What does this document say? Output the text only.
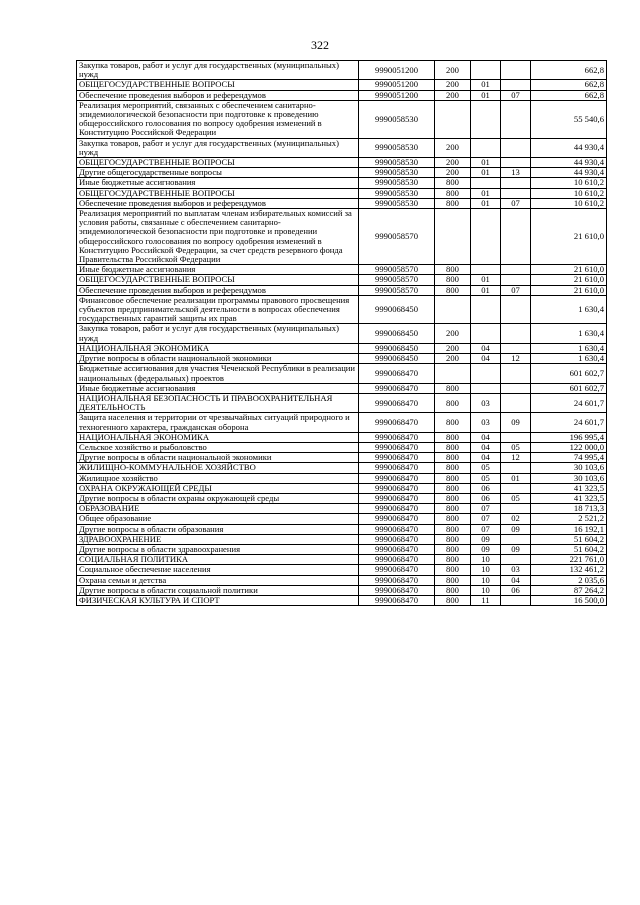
322
Закупка товаров, работ и услуг для государственных (муниципальных) нужд	9990051200	200			662,8
ОБЩЕГОСУДАРСТВЕННЫЕ ВОПРОСЫ	9990051200	200	01		662,8
Обеспечение проведения выборов и референдумов	9990051200	200	01	07	662,8
Реализация мероприятий, связанных с обеспечением санитарно-эпидемиологической безопасности при подготовке к проведению общероссийского голосования по вопросу одобрения изменений в Конституцию Российской Федерации	9990058530				55 540,6
Закупка товаров, работ и услуг для государственных (муниципальных) нужд	9990058530	200			44 930,4
ОБЩЕГОСУДАРСТВЕННЫЕ ВОПРОСЫ	9990058530	200	01		44 930,4
Другие общегосударственные вопросы	9990058530	200	01	13	44 930,4
Иные бюджетные ассигнования	9990058530	800			10 610,2
ОБЩЕГОСУДАРСТВЕННЫЕ ВОПРОСЫ	9990058530	800	01		10 610,2
Обеспечение проведения выборов и референдумов	9990058530	800	01	07	10 610,2
Реализация мероприятий по выплатам членам избирательных комиссий за условия работы, связанные с обеспечением санитарно-эпидемиологической безопасности при подготовке и проведении общероссийского голосования по вопросу одобрения изменений в Конституцию Российской Федерации, за счет средств резервного фонда Правительства Российской Федерации	9990058570				21 610,0
Иные бюджетные ассигнования	9990058570	800			21 610,0
ОБЩЕГОСУДАРСТВЕННЫЕ ВОПРОСЫ	9990058570	800	01		21 610,0
Обеспечение проведения выборов и референдумов	9990058570	800	01	07	21 610,0
Финансовое обеспечение реализации программы правового просвещения субъектов предпринимательской деятельности в вопросах обеспечения государственных гарантий защиты их прав	9990068450				1 630,4
Закупка товаров, работ и услуг для государственных (муниципальных) нужд	9990068450	200			1 630,4
НАЦИОНАЛЬНАЯ ЭКОНОМИКА	9990068450	200	04		1 630,4
Другие вопросы в области национальной экономики	9990068450	200	04	12	1 630,4
Бюджетные ассигнования для участия Чеченской Республики в реализации национальных (федеральных) проектов	9990068470				601 602,7
Иные бюджетные ассигнования	9990068470	800			601 602,7
НАЦИОНАЛЬНАЯ БЕЗОПАСНОСТЬ И ПРАВООХРАНИТЕЛЬНАЯ ДЕЯТЕЛЬНОСТЬ	9990068470	800	03		24 601,7
Защита населения и территории от чрезвычайных ситуаций природного и техногенного характера, гражданская оборона	9990068470	800	03	09	24 601,7
НАЦИОНАЛЬНАЯ ЭКОНОМИКА	9990068470	800	04		196 995,4
Сельское хозяйство и рыболовство	9990068470	800	04	05	122 000,0
Другие вопросы в области национальной экономики	9990068470	800	04	12	74 995,4
ЖИЛИЩНО-КОММУНАЛЬНОЕ ХОЗЯЙСТВО	9990068470	800	05		30 103,6
Жилищное хозяйство	9990068470	800	05	01	30 103,6
ОХРАНА ОКРУЖАЮЩЕЙ СРЕДЫ	9990068470	800	06		41 323,5
Другие вопросы в области охраны окружающей среды	9990068470	800	06	05	41 323,5
ОБРАЗОВАНИЕ	9990068470	800	07		18 713,3
Общее образование	9990068470	800	07	02	2 521,2
Другие вопросы в области образования	9990068470	800	07	09	16 192,1
ЗДРАВООХРАНЕНИЕ	9990068470	800	09		51 604,2
Другие вопросы в области здравоохранения	9990068470	800	09	09	51 604,2
СОЦИАЛЬНАЯ ПОЛИТИКА	9990068470	800	10		221 761,0
Социальное обеспечение населения	9990068470	800	10	03	132 461,2
Охрана семьи и детства	9990068470	800	10	04	2 035,6
Другие вопросы в области социальной политики	9990068470	800	10	06	87 264,2
ФИЗИЧЕСКАЯ КУЛЬТУРА И СПОРТ	9990068470	800	11		16 500,0
